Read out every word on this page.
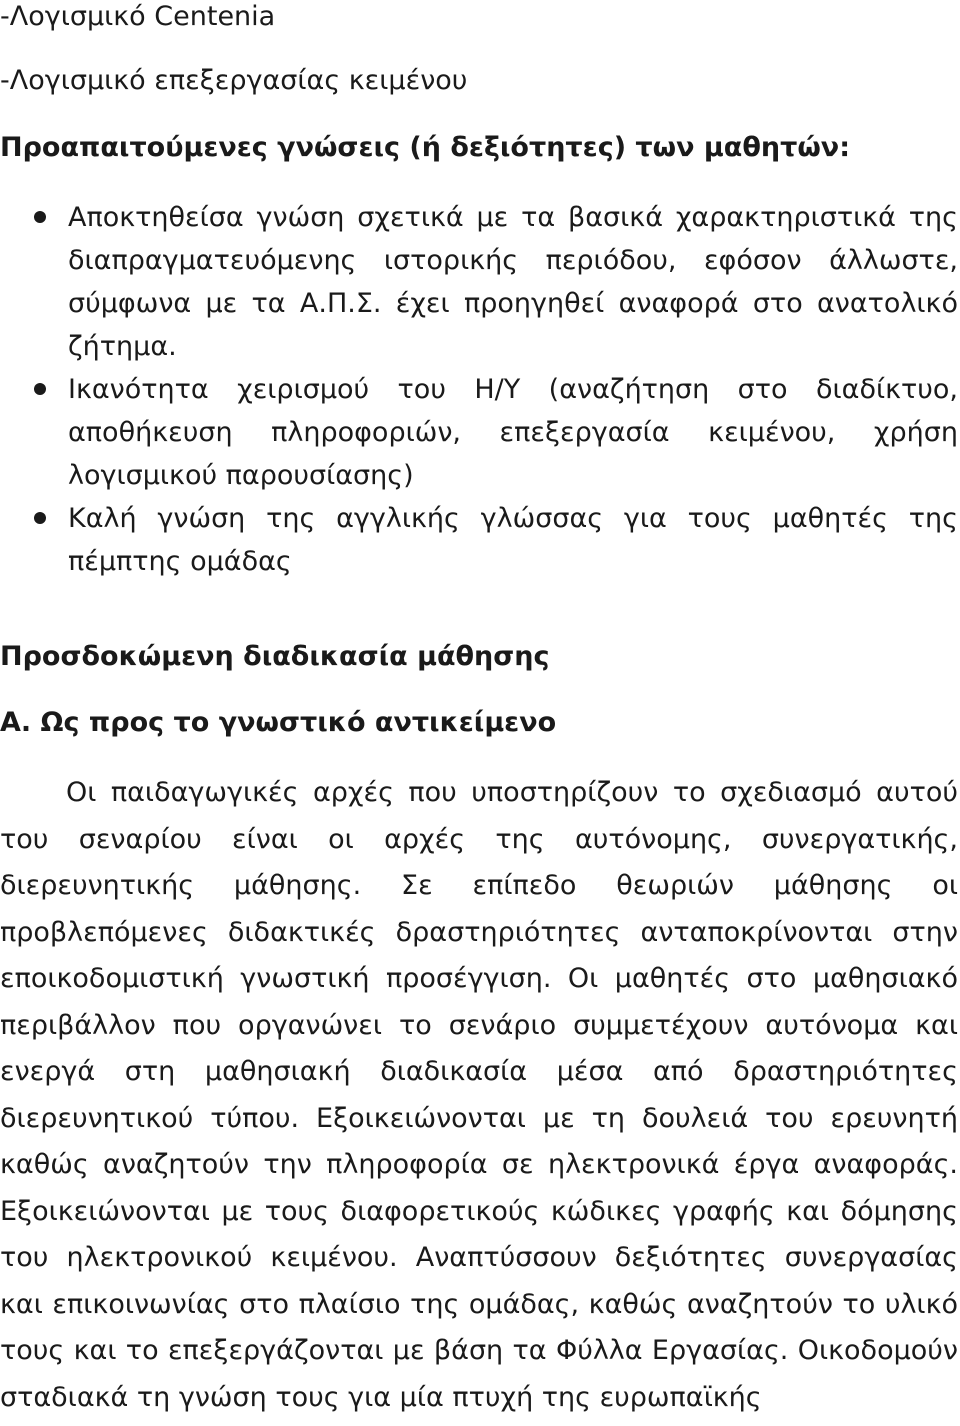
-Λογισμικό Centenia

-Λογισμικό επεξεργασίας κειμένου

Προαπαιτούμενες γνώσεις (ή δεξιότητες) των μαθητών:

Αποκτηθείσα γνώση σχετικά με τα βασικά χαρακτηριστικά της διαπραγματευόμενης ιστορικής περιόδου, εφόσον άλλωστε, σύμφωνα με τα Α.Π.Σ. έχει προηγηθεί αναφορά στο ανατολικό ζήτημα.
Ικανότητα χειρισμού του Η/Υ (αναζήτηση στο διαδίκτυο, αποθήκευση πληροφοριών, επεξεργασία κειμένου, χρήση λογισμικού παρουσίασης)
Καλή γνώση της αγγλικής γλώσσας για τους μαθητές της πέμπτης ομάδας

Προσδοκώμενη διαδικασία μάθησης

Α. Ως προς το γνωστικό αντικείμενο

Οι παιδαγωγικές αρχές που υποστηρίζουν το σχεδιασμό αυτού του σεναρίου είναι οι αρχές της αυτόνομης, συνεργατικής, διερευνητικής μάθησης. Σε επίπεδο θεωριών μάθησης οι προβλεπόμενες διδακτικές δραστηριότητες ανταποκρίνονται στην εποικοδομιστική γνωστική προσέγγιση. Οι μαθητές στο μαθησιακό περιβάλλον που οργανώνει το σενάριο συμμετέχουν αυτόνομα και ενεργά στη μαθησιακή διαδικασία μέσα από δραστηριότητες διερευνητικού τύπου. Εξοικειώνονται με τη δουλειά του ερευνητή καθώς αναζητούν την πληροφορία σε ηλεκτρονικά έργα αναφοράς. Εξοικειώνονται με τους διαφορετικούς κώδικες γραφής και δόμησης του ηλεκτρονικού κειμένου. Αναπτύσσουν δεξιότητες συνεργασίας και επικοινωνίας στο πλαίσιο της ομάδας, καθώς αναζητούν το υλικό τους και το επεξεργάζονται με βάση τα Φύλλα Εργασίας. Οικοδομούν σταδιακά τη γνώση τους για μία πτυχή της ευρωπαϊκής
